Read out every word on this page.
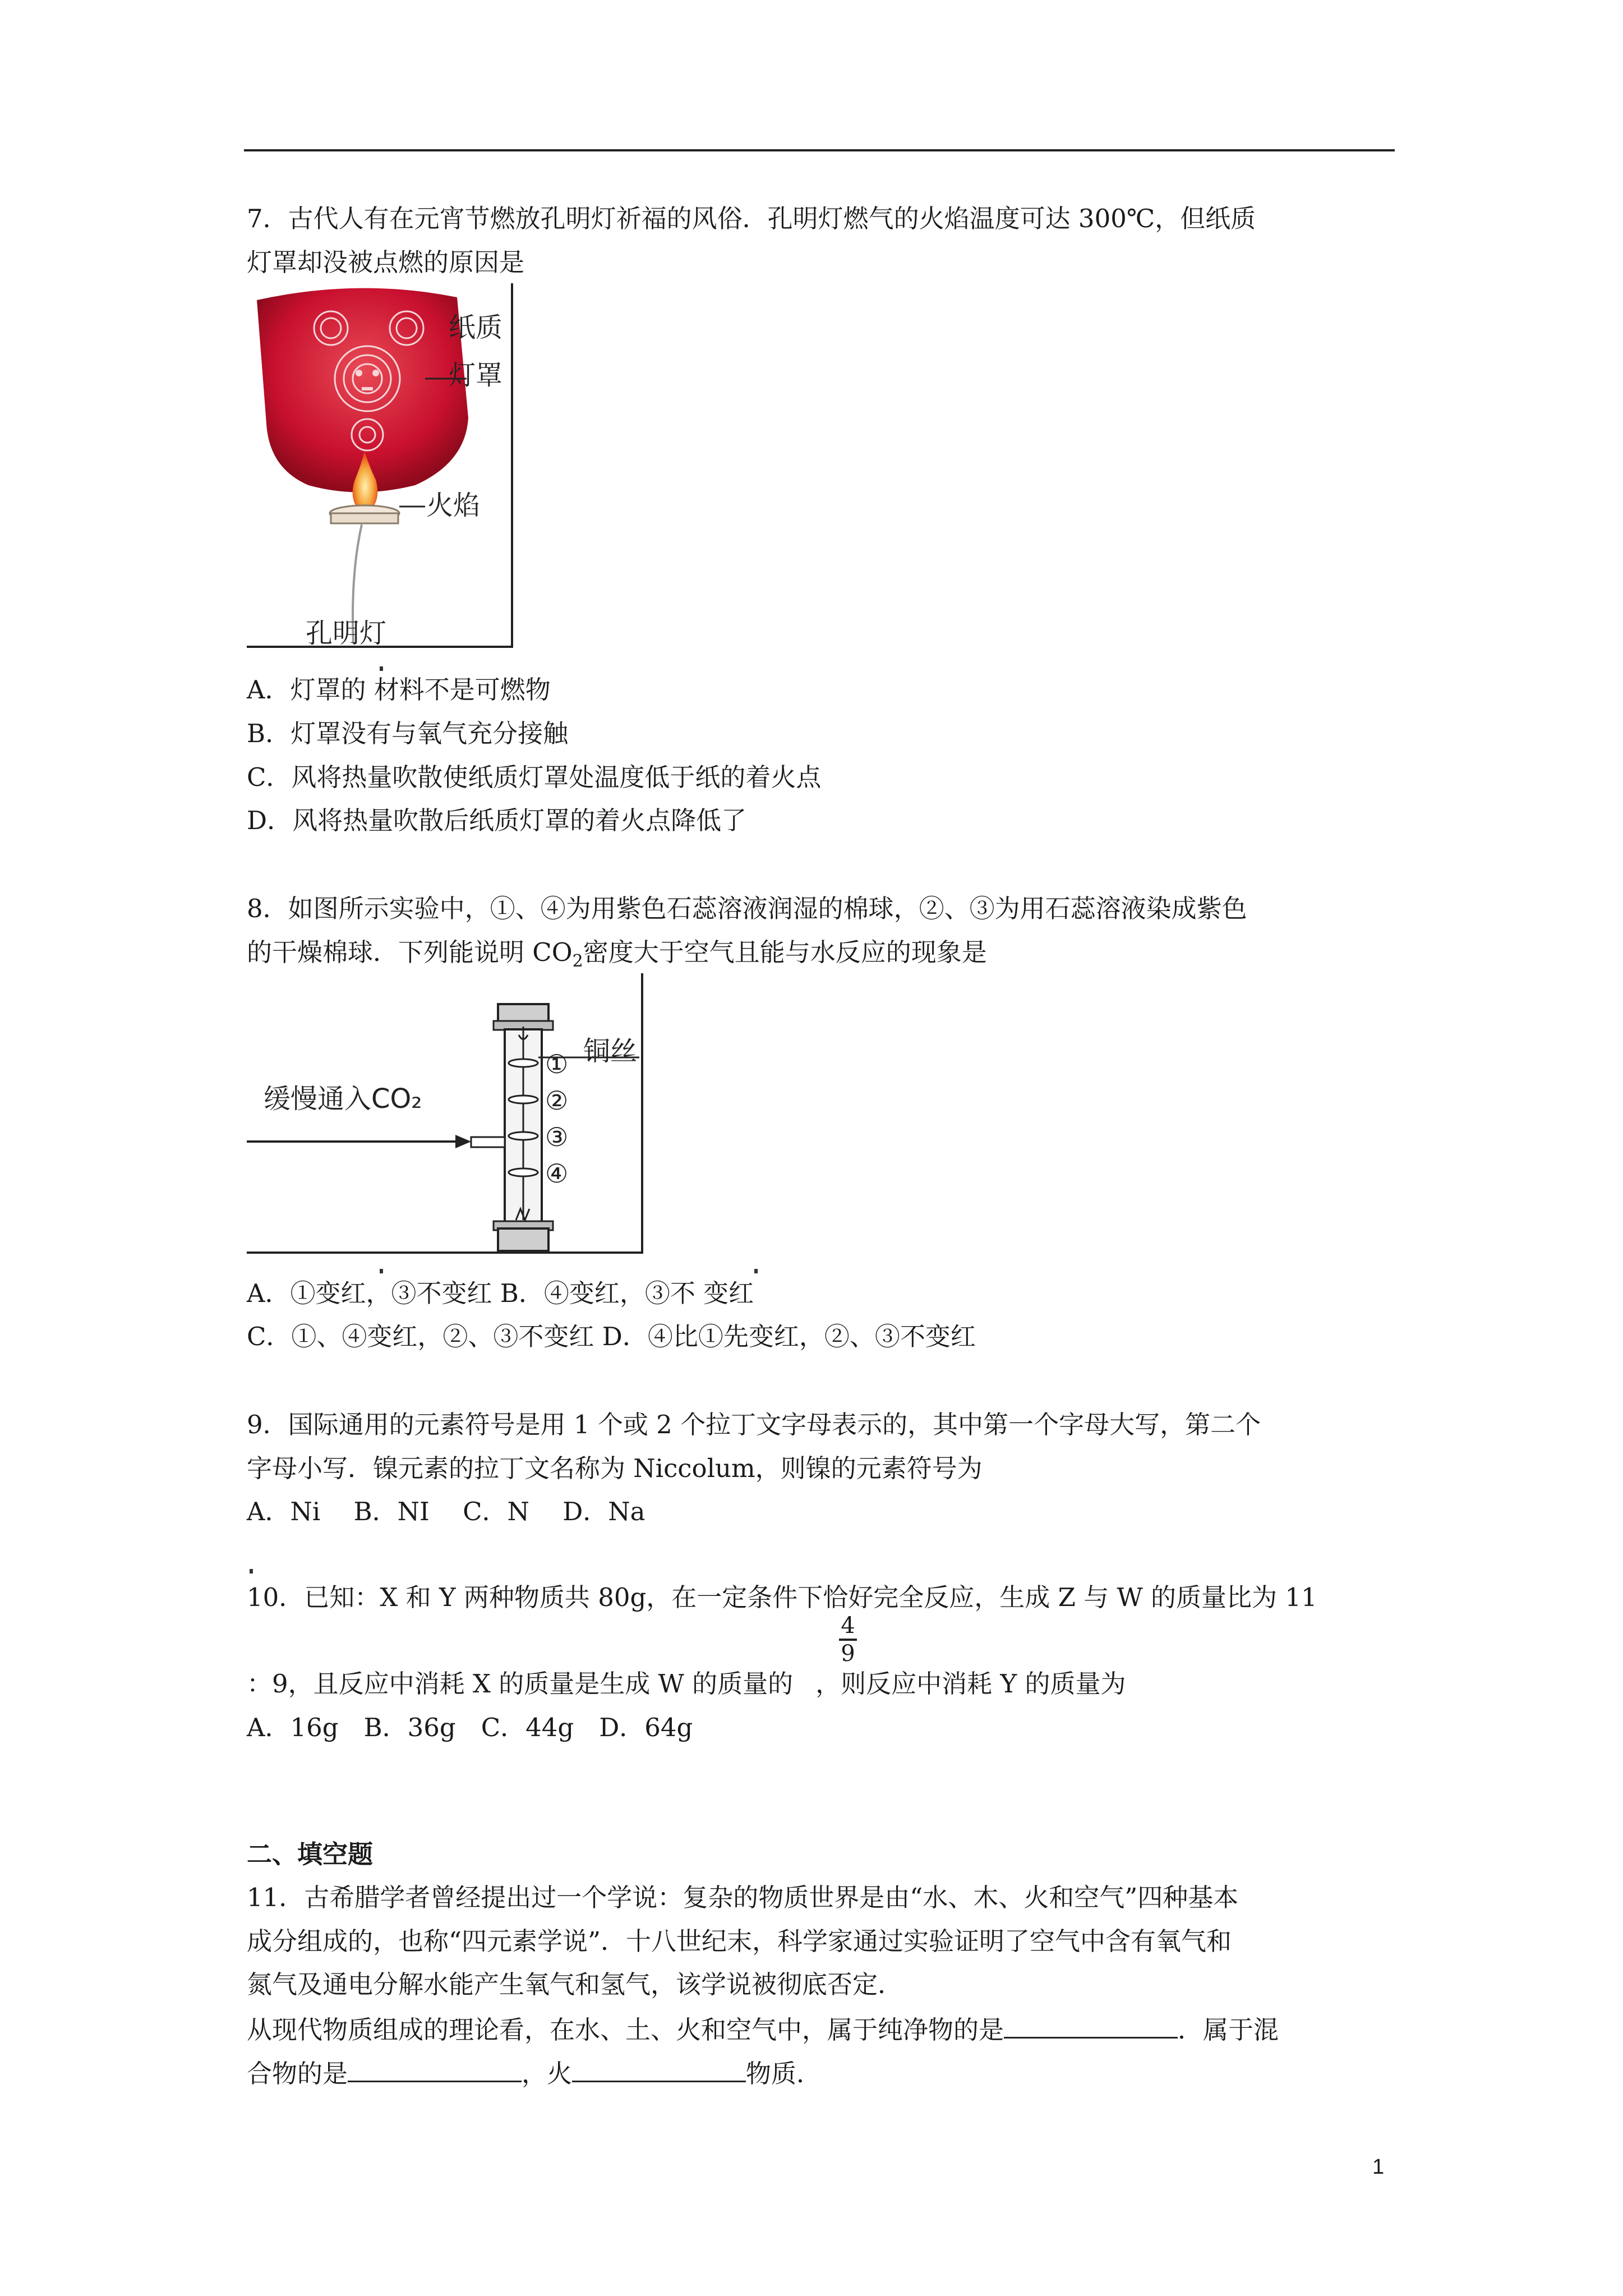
7．古代人有在元宵节燃放孔明灯祈福的风俗．孔明灯燃气的火焰温度可达 300℃，但纸质
灯罩却没被点燃的原因是
纸质
灯罩
火焰
孔明灯
A．灯罩的 材料不是可燃物
B．灯罩没有与氧气充分接触
C．风将热量吹散使纸质灯罩处温度低于纸的着火点
D．风将热量吹散后纸质灯罩的着火点降低了
8．如图所示实验中，①、④为用紫色石蕊溶液润湿的棉球，②、③为用石蕊溶液染成紫色
的干燥棉球．下列能说明 $CO_2$密度大于空气且能与水反应的现象是
缓慢通入CO₂
铜丝
①
②
③
④
A．①变红，③不变红 B．④变红，③不 变红
C．①、④变红，②、③不变红 D．④比①先变红，②、③不变红
9．国际通用的元素符号是用 1 个或 2 个拉丁文字母表示的，其中第一个字母大写，第二个
字母小写．镍元素的拉丁文名称为 Niccolum，则镍的元素符号为
A．Ni　 B．NI　 C．N　 D．Na
10．已知：X 和 Y 两种物质共 80g，在一定条件下恰好完全反应，生成 Z 与 W 的质量比为 11
4
9
：9，且反应中消耗 X 的质量是生成 W 的质量的 ，则反应中消耗 Y 的质量为
A．16g　B．36g　C．44g　D．64g
二、填空题
11．古希腊学者曾经提出过一个学说：复杂的物质世界是由“水、木、火和空气”四种基本
成分组成的，也称“四元素学说”．十八世纪末，科学家通过实验证明了空气中含有氧气和
氮气及通电分解水能产生氧气和氢气，该学说被彻底否定．
从现代物质组成的理论看，在水、土、火和空气中，属于纯净物的是	．属于混
合物的是	，火	物质．
1
